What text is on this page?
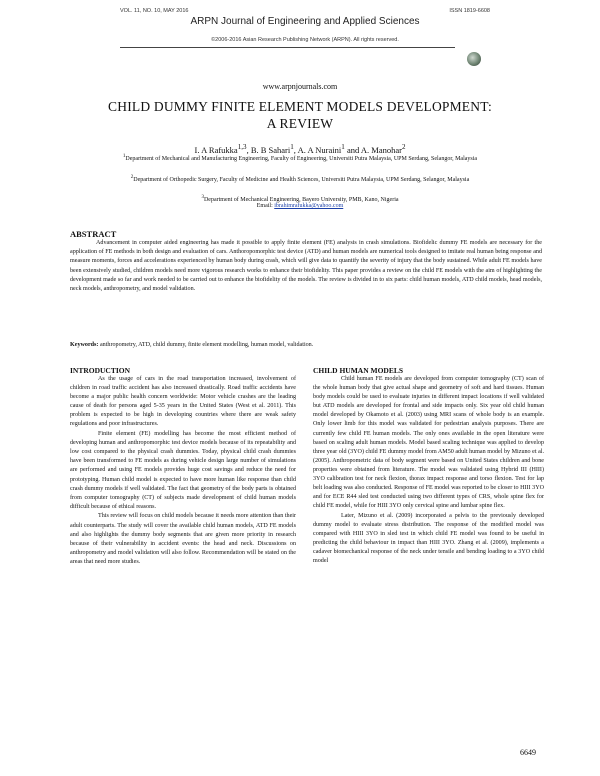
VOL. 11, NO. 10, MAY 2016	ISSN 1819-6608
ARPN Journal of Engineering and Applied Sciences
©2006-2016 Asian Research Publishing Network (ARPN). All rights reserved.
www.arpnjournals.com
CHILD DUMMY FINITE ELEMENT MODELS DEVELOPMENT:
A REVIEW
I. A Rafukka$^{1,3}$, B. B Sahari$^1$, A. A Nuraini$^1$ and A. Manohar$^2$
$^1$Department of Mechanical and Manufacturing Engineering, Faculty of Engineering, Universiti Putra Malaysia, UPM Serdang, Selangor, Malaysia
$^2$Department of Orthopedic Surgery, Faculty of Medicine and Health Sciences, Universiti Putra Malaysia, UPM Serdang, Selangor, Malaysia
$^3$Department of Mechanical Engineering, Bayero University, PMB, Kano, Nigeria
Email: ibrahimrafukka@yahoo.com
ABSTRACT

Advancement in computer aided engineering has made it possible to apply finite element (FE) analysis in crash simulations. Biofidelic dummy FE models are necessary for the application of FE methods in both design and evaluation of cars. Anthoropomorphic test device (ATD) and human models are numerical tools designed to imitate real human being response and measure moments, forces and accelerations experienced by human body during crash, which will give data to quantify the severity of injury that the body sustained. While adult FE models have been extensively studied, children models need more vigorous research works to enhance their biofidelity. This paper provides a review on the child FE models with the aim of highlighting the development made so far and work needed to be carried out to enhance the biofidelity of the models. The review is divided in to six parts: child human models, ATD child models, head models, neck models, anthropometry, and model validation.

Keywords: anthropometry, ATD, child dummy, finite element modelling, human model, validation.
INTRODUCTION

As the usage of cars in the road transportation increased, involvement of children in road traffic accident has also increased drastically. Road traffic accidents have become a major public health concern worldwide: Motor vehicle crashes are the leading cause of death for persons aged 5-35 years in the United States (West et al. 2011). This problem is expected to be high in developing countries where there are weak safety regulations and poor infrastructures.

Finite element (FE) modelling has become the most efficient method of developing human and anthropomorphic test device models because of its repeatability and low cost compared to the physical crash dummies. Today, physical child crash dummies have been transformed to FE models as during vehicle design large number of simulations are performed and using FE models provides huge cost savings and reduce the need for prototyping. Human child model is expected to have more human like response than child crash dummy models if well validated. The fact that geometry of the body parts is obtained from computer tomography (CT) of subjects made development of child human models difficult because of ethical reasons.

This review will focus on child models because it needs more attention than their adult counterparts. The study will cover the available child human models, ATD FE models and also highlights the dummy body segments that are given more priority in research because of their vulnerability in accident events: the head and neck. Discussions on anthropometry and model validation will also follow. Recommendation will be stated on the areas that need more studies.

CHILD HUMAN MODELS

Child human FE models are developed from computer tomography (CT) scan of the whole human body that give actual shape and geometry of soft and hard tissues. Human body models could be used to evaluate injuries in different impact locations if well validated but ATD models are developed for frontal and side impacts only. Six year old child human model developed by Okamoto et al. (2003) using MRI scans of whole body is an example. Only lower limb for this model was validated for pedestrian analysis purposes. There are currently few child FE human models. The only ones available in the open literature were based on scaling adult human models. Model based scaling technique was applied to develop three year old (3YO) child FE dummy model from AM50 adult human model by Mizuno et al. (2005). Anthropometric data of body segment were based on United States children and bone properties were obtained from literature. The model was validated using Hybrid III (HIII) 3YO calibration test for neck flexion, thorax impact response and torso flexion. Test for lap belt loading was also conducted. Response of FE model was reported to be closer to HIII 3YO and for ECE R44 sled test conducted using two different types of CRS, whole spine flex for child FE model, while for HIII 3YO only cervical spine and lumbar spine flex.

Later, Mizuno et al. (2009) incorporated a pelvis to the previously developed dummy model to evaluate stress distribution. The response of the modified model was compared with HIII 3YO in sled test in which child FE model was found to be useful in predicting the child behaviour in impact than HIII 3YO. Zhang et al. (2009), implements a cadaver biomechanical response of the neck under tensile and bending loading to a 3YO child model

6649
